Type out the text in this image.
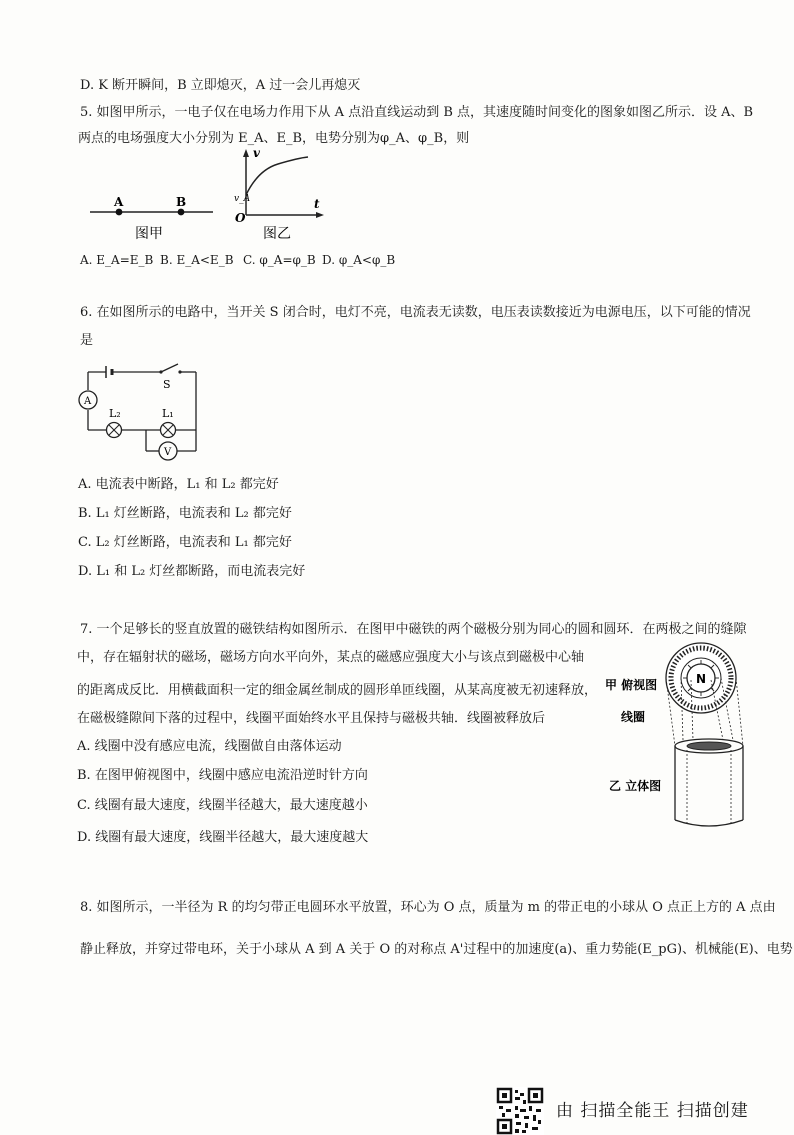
D. K 断开瞬间，B 立即熄灭，A 过一会儿再熄灭
5. 如图甲所示，一电子仅在电场力作用下从 A 点沿直线运动到 B 点，其速度随时间变化的图象如图乙所示．设 A、B
两点的电场强度大小分别为 E_A、E_B，电势分别为φ_A、φ_B，则
A	B
图甲
v
t
O
v_A
图乙
A. E_A=E_B B. E_A<E_B C. φ_A=φ_B D. φ_A<φ_B
6. 在如图所示的电路中，当开关 S 闭合时，电灯不亮，电流表无读数，电压表读数接近为电源电压，以下可能的情况
是
S
A
V
L₂	L₁
A. 电流表中断路，L₁ 和 L₂ 都完好
B. L₁ 灯丝断路，电流表和 L₂ 都完好
C. L₂ 灯丝断路，电流表和 L₁ 都完好
D. L₁ 和 L₂ 灯丝都断路，而电流表完好
7. 一个足够长的竖直放置的磁铁结构如图所示．在图甲中磁铁的两个磁极分别为同心的圆和圆环．在两极之间的缝隙
中，存在辐射状的磁场，磁场方向水平向外，某点的磁感应强度大小与该点到磁极中心轴
的距离成反比．用横截面积一定的细金属丝制成的圆形单匝线圈，从某高度被无初速释放，
在磁极缝隙间下落的过程中，线圈平面始终水平且保持与磁极共轴．线圈被释放后
A. 线圈中没有感应电流，线圈做自由落体运动
B. 在图甲俯视图中，线圈中感应电流沿逆时针方向
C. 线圈有最大速度，线圈半径越大，最大速度越小
D. 线圈有最大速度，线圈半径越大，最大速度越大
N
甲 俯视图
线圈
乙 立体图
8. 如图所示，一半径为 R 的均匀带正电圆环水平放置，环心为 O 点，质量为 m 的带正电的小球从 O 点正上方的 A 点由
静止释放，并穿过带电环，关于小球从 A 到 A 关于 O 的对称点 A'过程中的加速度(a)、重力势能(E_pG)、机械能(E)、电势
由 扫描全能王 扫描创建
